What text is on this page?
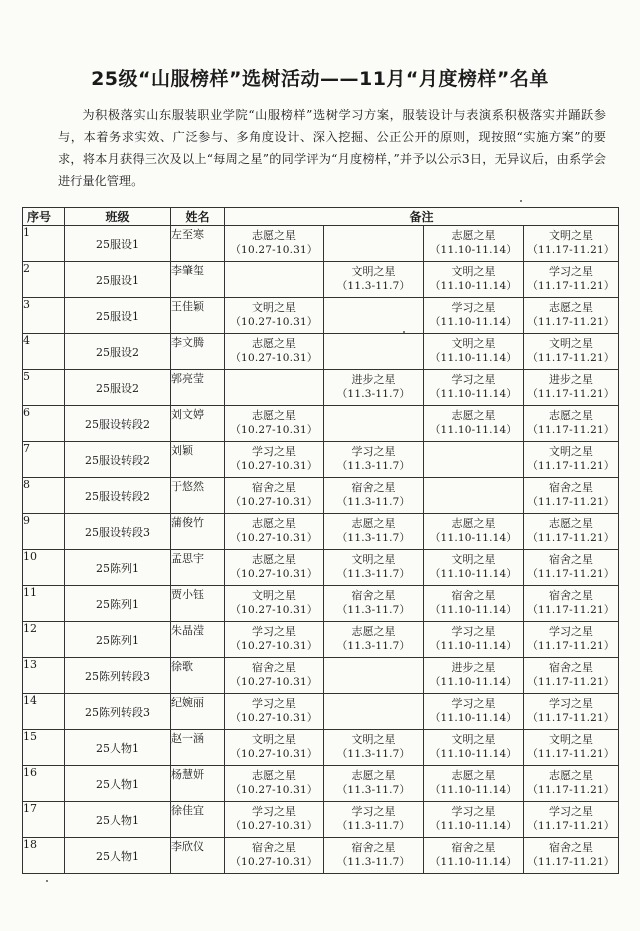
25级“山服榜样”选树活动——11月“月度榜样”名单
为积极落实山东服装职业学院“山服榜样”选树学习方案，服装设计与表演系积极落实并踊跃参与，本着务求实效、广泛参与、多角度设计、深入挖掘、公正公开的原则，现按照“实施方案”的要求，将本月获得三次及以上“每周之星”的同学评为“月度榜样，”并予以公示3日，无异议后，由系学会进行量化管理。
序号	班级	姓名	备注			
1	25服设1	左至寒	志愿之星
（10.27-10.31）		志愿之星
（11.10-11.14）	文明之星
（11.17-11.21）

2	25服设1	李肇玺		文明之星
（11.3-11.7）	文明之星
（11.10-11.14）	学习之星
（11.17-11.21）

3	25服设1	王佳颖	文明之星
（10.27-10.31）		学习之星
（11.10-11.14）	志愿之星
（11.17-11.21）

4	25服设2	李文腾	志愿之星
（10.27-10.31）		文明之星
（11.10-11.14）	文明之星
（11.17-11.21）

5	25服设2	郭亮莹		进步之星
（11.3-11.7）	学习之星
（11.10-11.14）	进步之星
（11.17-11.21）

6	25服设转段2	刘文婷	志愿之星
（10.27-10.31）		志愿之星
（11.10-11.14）	志愿之星
（11.17-11.21）

7	25服设转段2	刘颖	学习之星
（10.27-10.31）	学习之星
（11.3-11.7）		文明之星
（11.17-11.21）

8	25服设转段2	于悠然	宿舍之星
（10.27-10.31）	宿舍之星
（11.3-11.7）		宿舍之星
（11.17-11.21）

9	25服设转段3	蒲俊竹	志愿之星
（10.27-10.31）	志愿之星
（11.3-11.7）	志愿之星
（11.10-11.14）	志愿之星
（11.17-11.21）

10	25陈列1	孟思宇	志愿之星
（10.27-10.31）	文明之星
（11.3-11.7）	文明之星
（11.10-11.14）	宿舍之星
（11.17-11.21）

11	25陈列1	贾小钰	文明之星
（10.27-10.31）	宿舍之星
（11.3-11.7）	宿舍之星
（11.10-11.14）	宿舍之星
（11.17-11.21）

12	25陈列1	朱晶滢	学习之星
（10.27-10.31）	志愿之星
（11.3-11.7）	学习之星
（11.10-11.14）	学习之星
（11.17-11.21）

13	25陈列转段3	徐歌	宿舍之星
（10.27-10.31）		进步之星
（11.10-11.14）	宿舍之星
（11.17-11.21）

14	25陈列转段3	纪婉丽	学习之星
（10.27-10.31）		学习之星
（11.10-11.14）	学习之星
（11.17-11.21）

15	25人物1	赵一涵	文明之星
（10.27-10.31）	文明之星
（11.3-11.7）	文明之星
（11.10-11.14）	文明之星
（11.17-11.21）

16	25人物1	杨慧妍	志愿之星
（10.27-10.31）	志愿之星
（11.3-11.7）	志愿之星
（11.10-11.14）	志愿之星
（11.17-11.21）

17	25人物1	徐佳宜	学习之星
（10.27-10.31）	学习之星
（11.3-11.7）	学习之星
（11.10-11.14）	学习之星
（11.17-11.21）

18	25人物1	李欣仪	宿舍之星
（10.27-10.31）	宿舍之星
（11.3-11.7）	宿舍之星
（11.10-11.14）	宿舍之星
（11.17-11.21）
